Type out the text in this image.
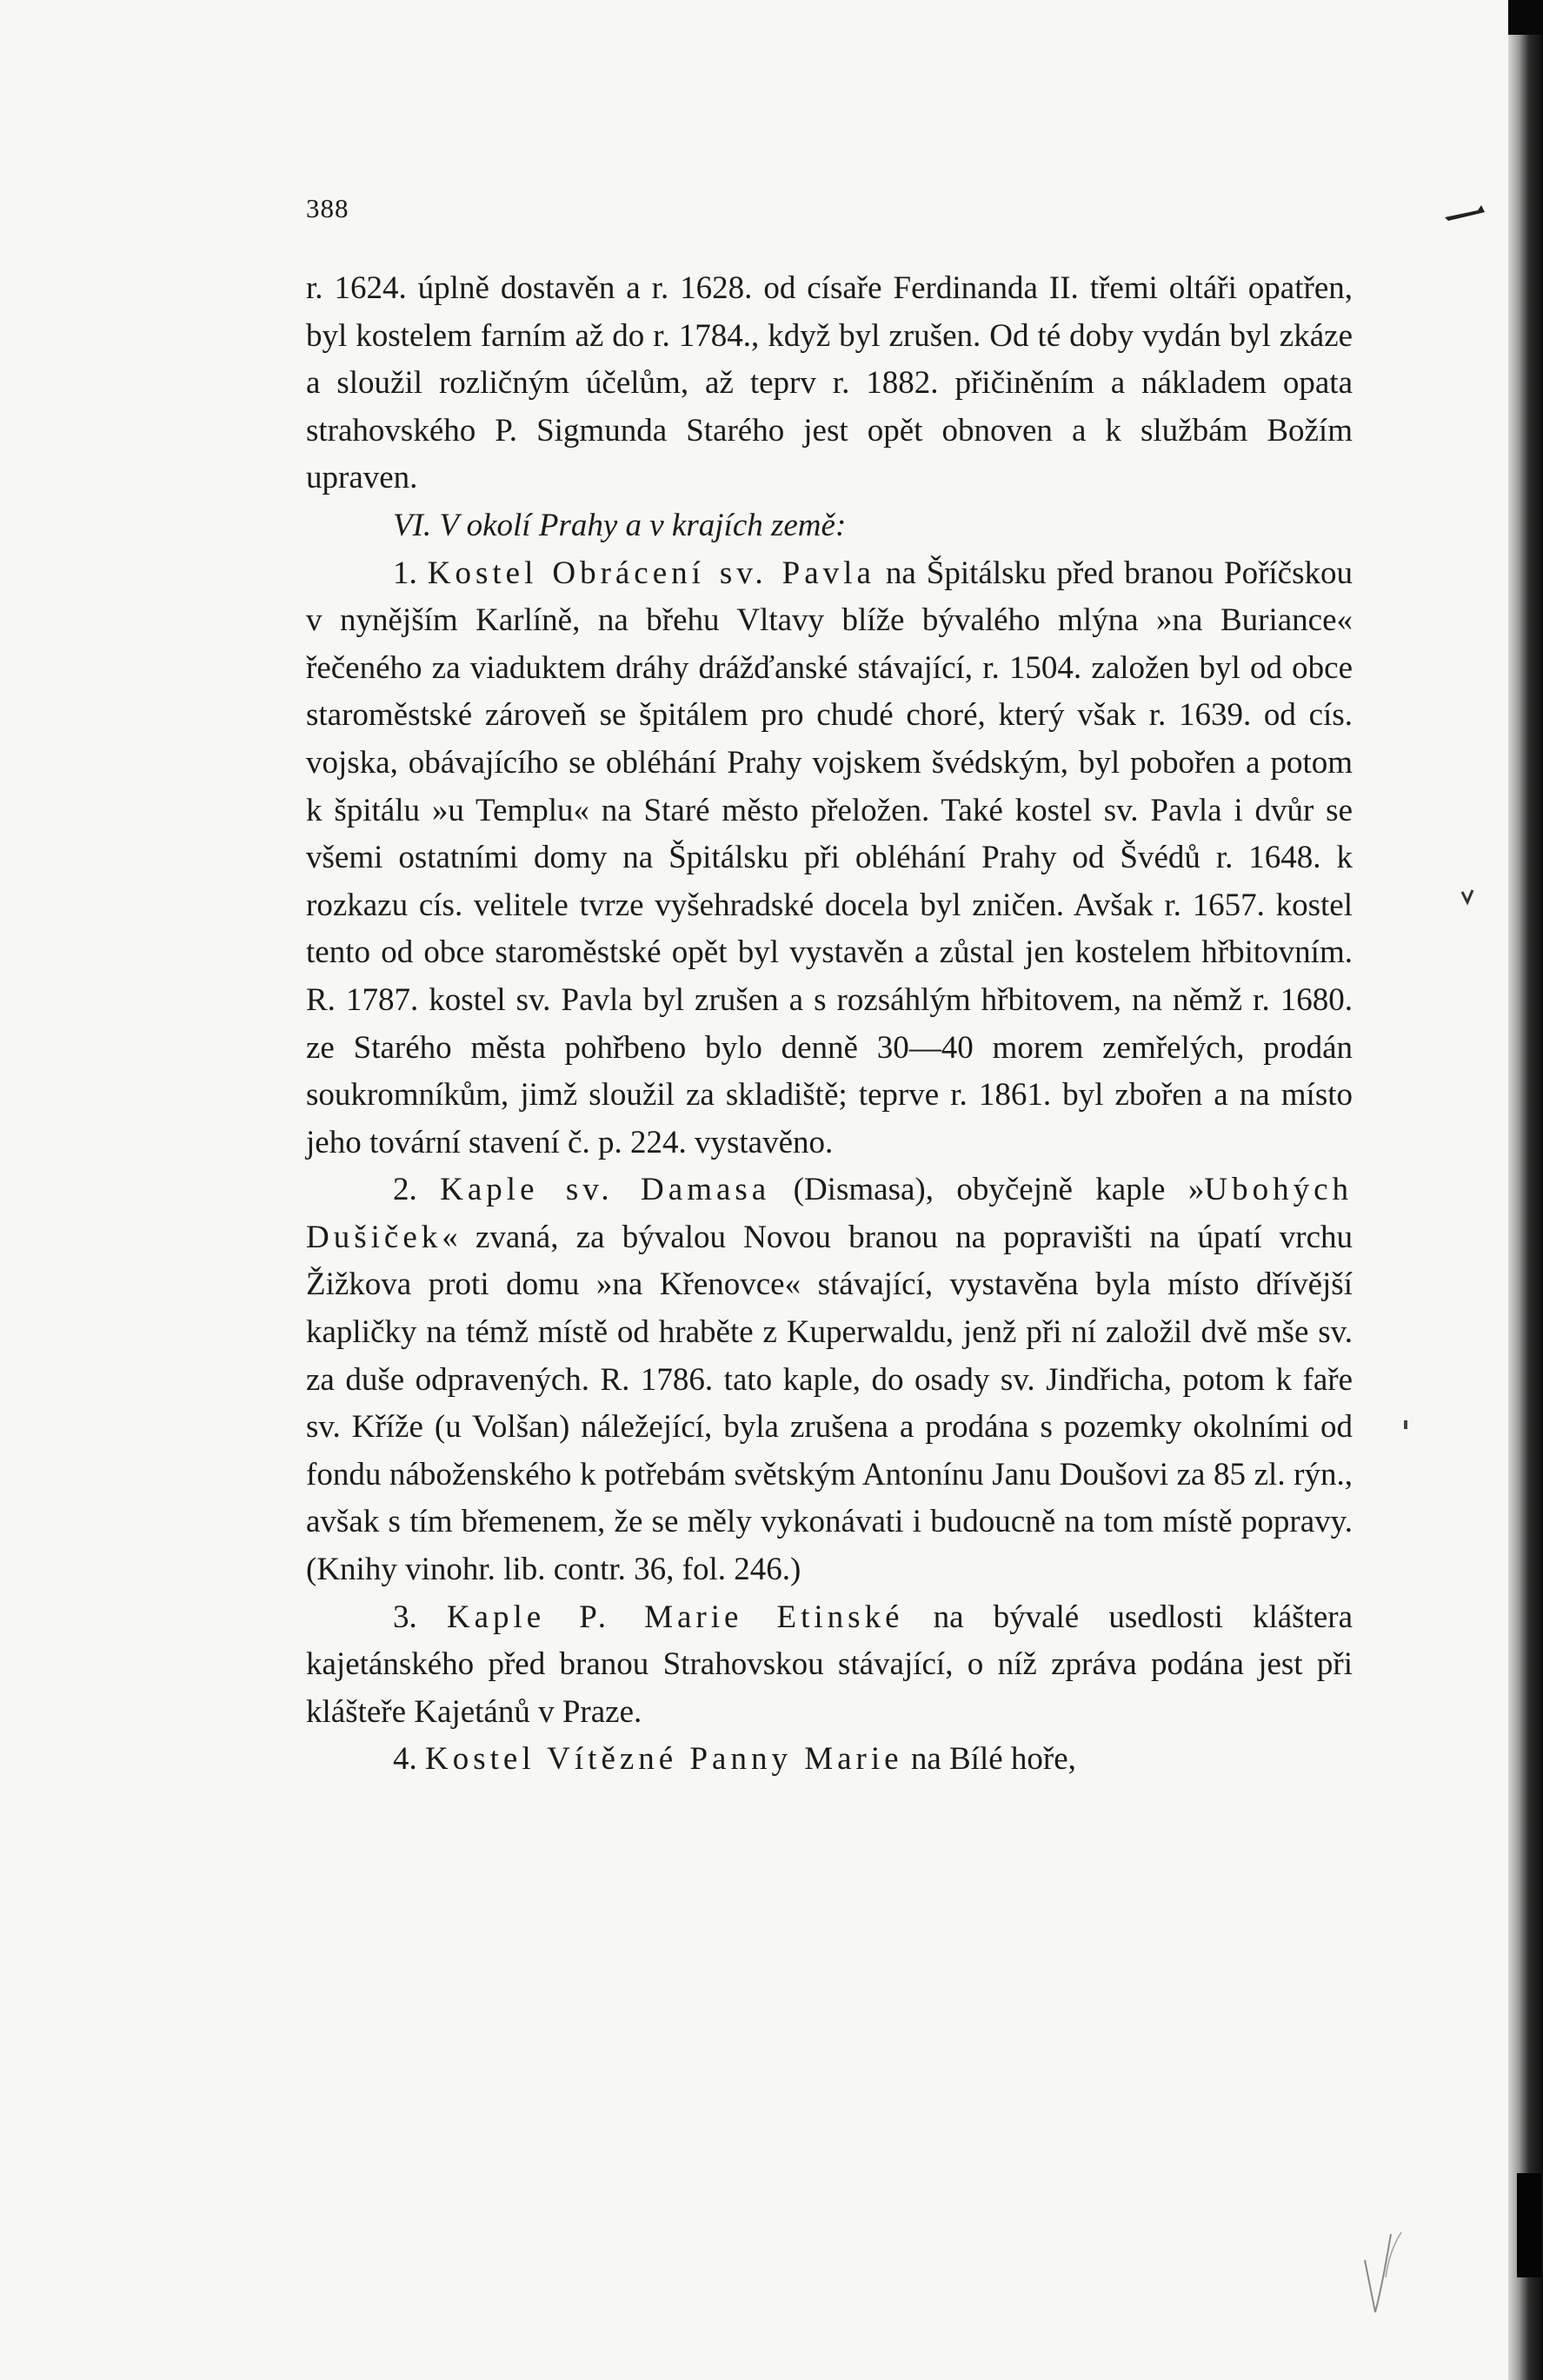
388

r. 1624. úplně dostavěn a r. 1628. od císaře Ferdinanda II. třemi oltáři opatřen, byl kostelem farním až do r. 1784., když byl zrušen. Od té doby vydán byl zkáze a sloužil rozličným účelům, až teprv r. 1882. přičiněním a nákladem opata strahovského P. Sigmunda Starého jest opět obnoven a k službám Božím upraven.

VI. V okolí Prahy a v krajích země:

1. Kostel Obrácení sv. Pavla na Špitálsku před branou Poříčskou v nynějším Karlíně, na břehu Vltavy blíže bývalého mlýna »na Buriance« řečeného za viaduktem dráhy drážďanské stávající, r. 1504. založen byl od obce staroměstské zároveň se špitálem pro chudé choré, který však r. 1639. od cís. vojska, obávajícího se obléhání Prahy vojskem švédským, byl pobořen a potom k špitálu »u Templu« na Staré město přeložen. Také kostel sv. Pavla i dvůr se všemi ostatními domy na Špitálsku při obléhání Prahy od Švédů r. 1648. k rozkazu cís. velitele tvrze vyšehradské docela byl zničen. Avšak r. 1657. kostel tento od obce staroměstské opět byl vystavěn a zůstal jen kostelem hřbitovním. R. 1787. kostel sv. Pavla byl zrušen a s rozsáhlým hřbitovem, na němž r. 1680. ze Starého města pohřbeno bylo denně 30—40 morem zemřelých, prodán soukromníkům, jimž sloužil za skladiště; teprve r. 1861. byl zbořen a na místo jeho tovární stavení č. p. 224. vystavěno.

2. Kaple sv. Damasa (Dismasa), obyčejně kaple »Ubohých Dušiček« zvaná, za bývalou Novou branou na popravišti na úpatí vrchu Žižkova proti domu »na Křenovce« stávající, vystavěna byla místo dřívější kapličky na témž místě od hraběte z Kuperwaldu, jenž při ní založil dvě mše sv. za duše odpravených. R. 1786. tato kaple, do osady sv. Jindřicha, potom k faře sv. Kříže (u Volšan) náležející, byla zrušena a prodána s pozemky okolními od fondu náboženského k potřebám světským Antonínu Janu Doušovi za 85 zl. rýn., avšak s tím břemenem, že se měly vykonávati i budoucně na tom místě popravy. (Knihy vinohr. lib. contr. 36, fol. 246.)

3. Kaple P. Marie Etinské na bývalé usedlosti kláštera kajetánského před branou Strahovskou stávající, o níž zpráva podána jest při klášteře Kajetánů v Praze.

4. Kostel Vítězné Panny Marie na Bílé hoře,
